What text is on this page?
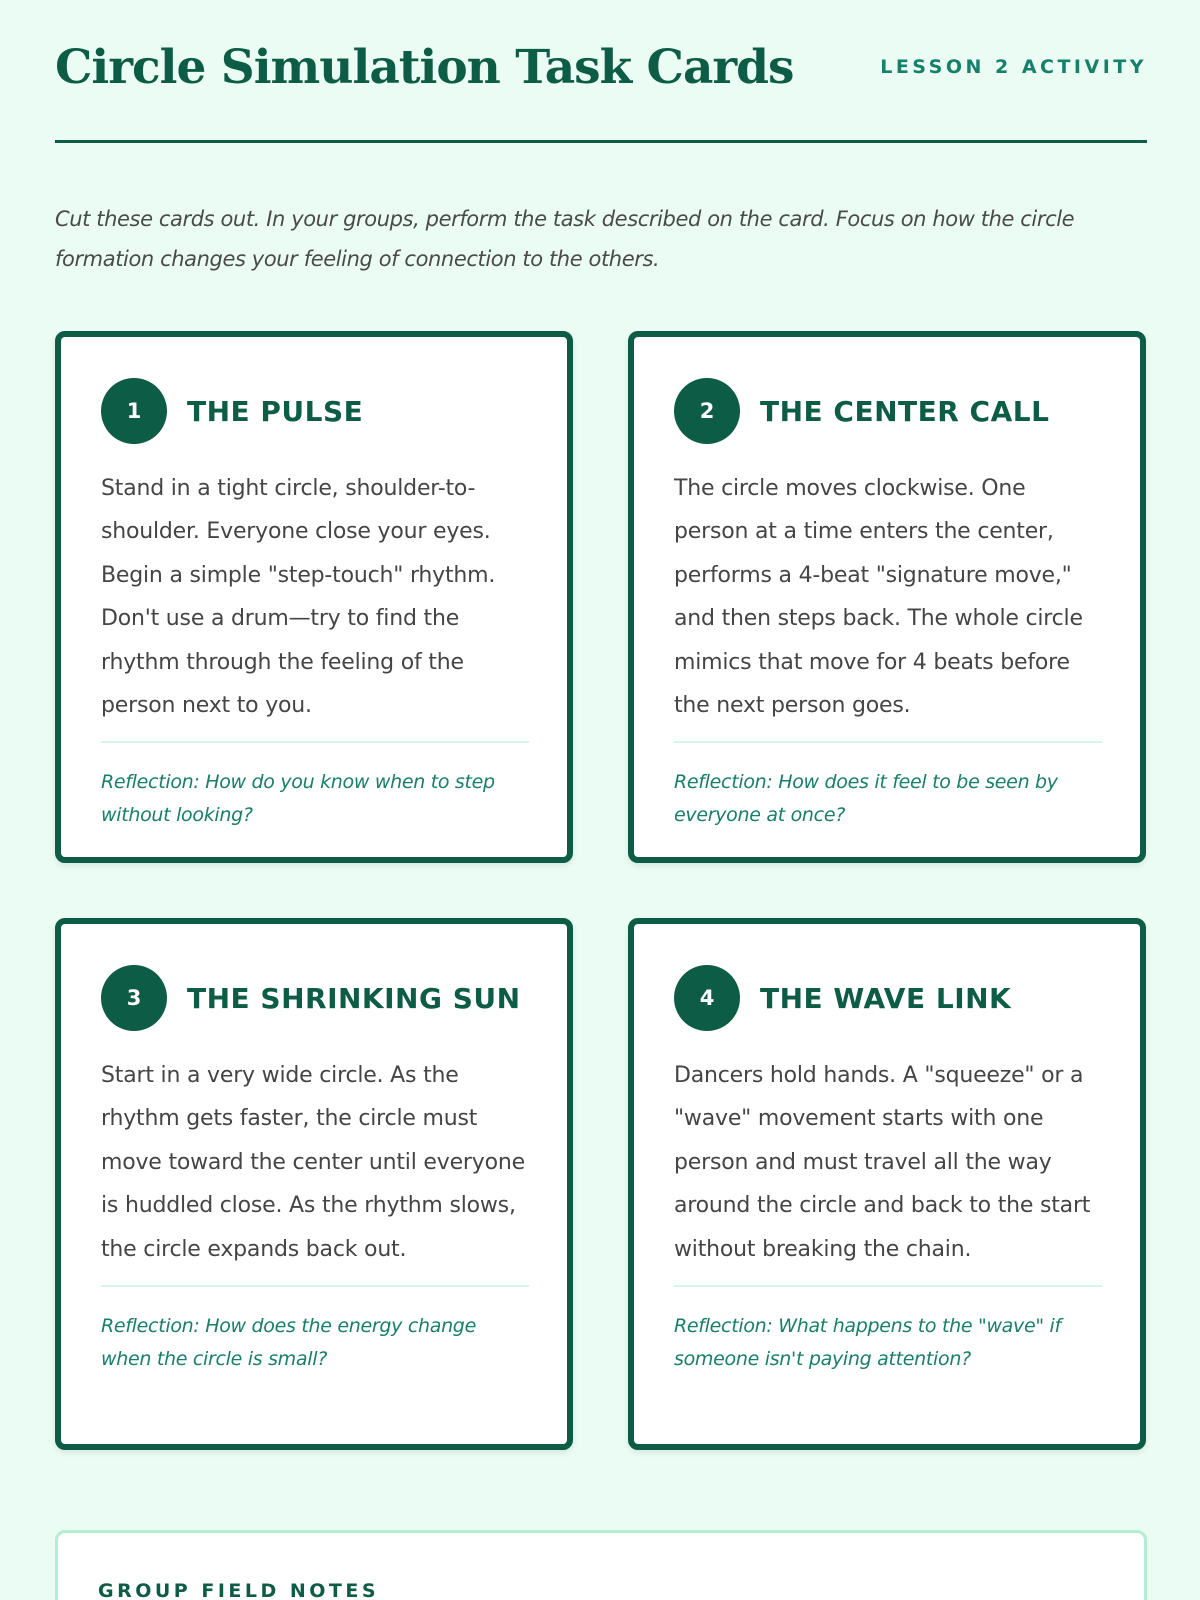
Circle Simulation Task Cards	LESSON 2 ACTIVITY

Cut these cards out. In your groups, perform the task described on the card. Focus on how the circle formation changes your feeling of connection to the others.

1	THE PULSE

Stand in a tight circle, shoulder-to-shoulder. Everyone close your eyes. Begin a simple "step-touch" rhythm. Don't use a drum—try to find the rhythm through the feeling of the person next to you.

Reflection: How do you know when to step without looking?

2	THE CENTER CALL

The circle moves clockwise. One person at a time enters the center, performs a 4-beat "signature move," and then steps back. The whole circle mimics that move for 4 beats before the next person goes.

Reflection: How does it feel to be seen by everyone at once?

3	THE SHRINKING SUN

Start in a very wide circle. As the rhythm gets faster, the circle must move toward the center until everyone is huddled close. As the rhythm slows, the circle expands back out.

Reflection: How does the energy change when the circle is small?

4	THE WAVE LINK

Dancers hold hands. A "squeeze" or a "wave" movement starts with one person and must travel all the way around the circle and back to the start without breaking the chain.

Reflection: What happens to the "wave" if someone isn't paying attention?

GROUP FIELD NOTES
